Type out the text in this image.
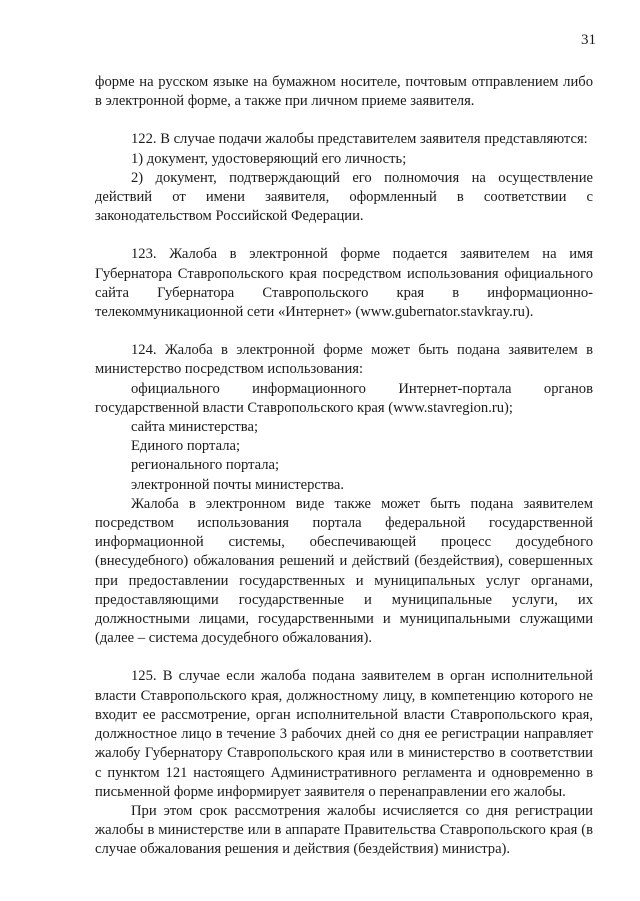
31

форме на русском языке на бумажном носителе, почтовым отправлением либо в электронной форме, а также при личном приеме заявителя.

122. В случае подачи жалобы представителем заявителя представляются:

1) документ, удостоверяющий его личность;

2) документ, подтверждающий его полномочия на осуществление действий от имени заявителя, оформленный в соответствии с законодательством Российской Федерации.

123. Жалоба в электронной форме подается заявителем на имя Губернатора Ставропольского края посредством использования официального сайта Губернатора Ставропольского края в информационно-телекоммуникационной сети «Интернет» (www.gubernator.stavkray.ru).

124. Жалоба в электронной форме может быть подана заявителем в министерство посредством использования:

официального информационного Интернет-портала органов государственной власти Ставропольского края (www.stavregion.ru);

сайта министерства;

Единого портала;

регионального портала;

электронной почты министерства.

Жалоба в электронном виде также может быть подана заявителем посредством использования портала федеральной государственной информационной системы, обеспечивающей процесс досудебного (внесудебного) обжалования решений и действий (бездействия), совершенных при предоставлении государственных и муниципальных услуг органами, предоставляющими государственные и муниципальные услуги, их должностными лицами, государственными и муниципальными служащими (далее – система досудебного обжалования).

125. В случае если жалоба подана заявителем в орган исполнительной власти Ставропольского края, должностному лицу, в компетенцию которого не входит ее рассмотрение, орган исполнительной власти Ставропольского края, должностное лицо в течение 3 рабочих дней со дня ее регистрации направляет жалобу Губернатору Ставропольского края или в министерство в соответствии с пунктом 121 настоящего Административного регламента и одновременно в письменной форме информирует заявителя о перенаправлении его жалобы.

При этом срок рассмотрения жалобы исчисляется со дня регистрации жалобы в министерстве или в аппарате Правительства Ставропольского края (в случае обжалования решения и действия (бездействия) министра).
